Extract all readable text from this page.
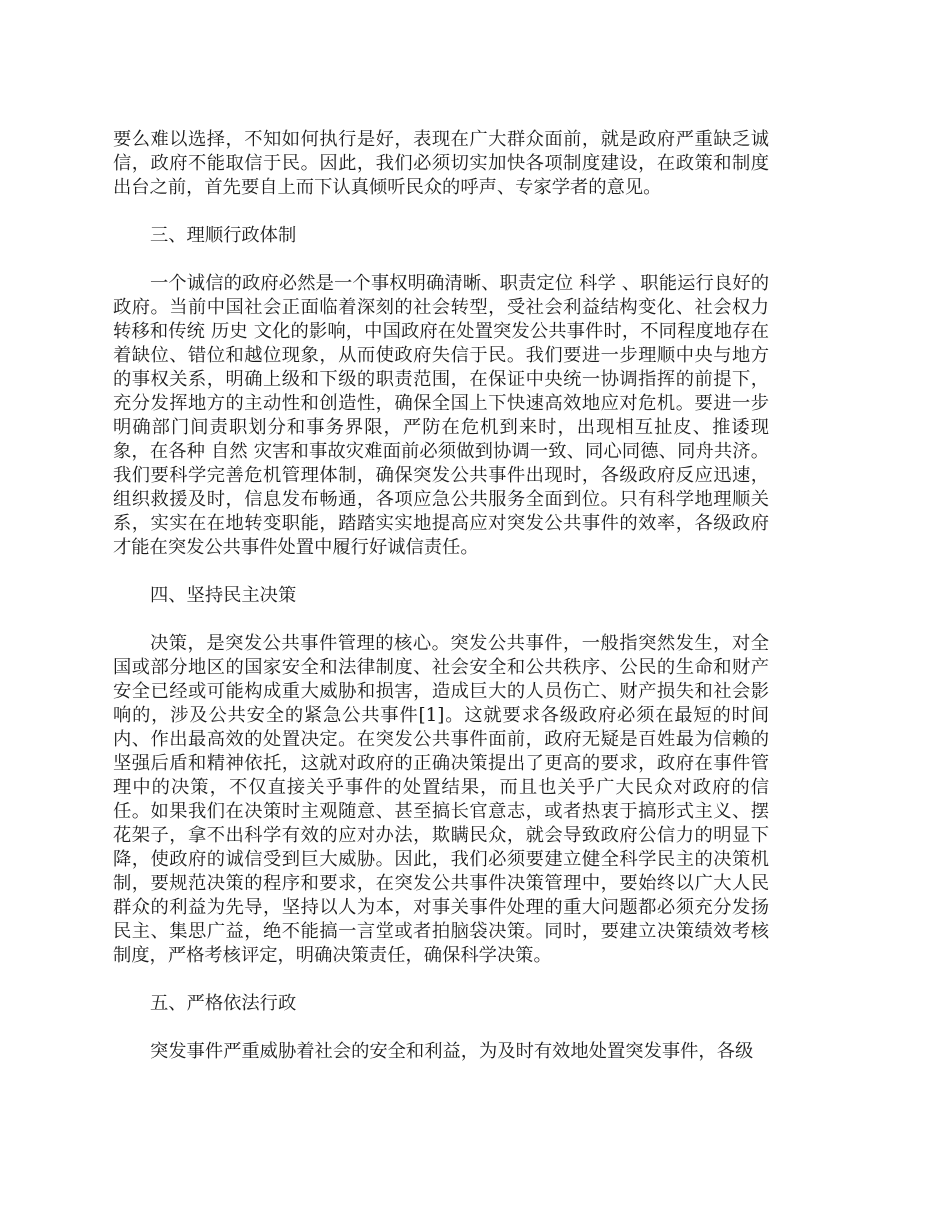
要么难以选择，不知如何执行是好，表现在广大群众面前，就是政府严重缺乏诚信，政府不能取信于民。因此，我们必须切实加快各项制度建设，在政策和制度出台之前，首先要自上而下认真倾听民众的呼声、专家学者的意见。

三、理顺行政体制

一个诚信的政府必然是一个事权明确清晰、职责定位 科学 、职能运行良好的政府。当前中国社会正面临着深刻的社会转型，受社会利益结构变化、社会权力转移和传统 历史 文化的影响，中国政府在处置突发公共事件时，不同程度地存在着缺位、错位和越位现象，从而使政府失信于民。我们要进一步理顺中央与地方的事权关系，明确上级和下级的职责范围，在保证中央统一协调指挥的前提下，充分发挥地方的主动性和创造性，确保全国上下快速高效地应对危机。要进一步明确部门间责职划分和事务界限，严防在危机到来时，出现相互扯皮、推诿现象，在各种 自然 灾害和事故灾难面前必须做到协调一致、同心同德、同舟共济。我们要科学完善危机管理体制，确保突发公共事件出现时，各级政府反应迅速，组织救援及时，信息发布畅通，各项应急公共服务全面到位。只有科学地理顺关系，实实在在地转变职能，踏踏实实地提高应对突发公共事件的效率，各级政府才能在突发公共事件处置中履行好诚信责任。

四、坚持民主决策

决策，是突发公共事件管理的核心。突发公共事件，一般指突然发生，对全国或部分地区的国家安全和法律制度、社会安全和公共秩序、公民的生命和财产安全已经或可能构成重大威胁和损害，造成巨大的人员伤亡、财产损失和社会影响的，涉及公共安全的紧急公共事件[1]。这就要求各级政府必须在最短的时间内、作出最高效的处置决定。在突发公共事件面前，政府无疑是百姓最为信赖的坚强后盾和精神依托，这就对政府的正确决策提出了更高的要求，政府在事件管理中的决策，不仅直接关乎事件的处置结果，而且也关乎广大民众对政府的信任。如果我们在决策时主观随意、甚至搞长官意志，或者热衷于搞形式主义、摆花架子，拿不出科学有效的应对办法，欺瞒民众，就会导致政府公信力的明显下降，使政府的诚信受到巨大威胁。因此，我们必须要建立健全科学民主的决策机制，要规范决策的程序和要求，在突发公共事件决策管理中，要始终以广大人民群众的利益为先导，坚持以人为本，对事关事件处理的重大问题都必须充分发扬民主、集思广益，绝不能搞一言堂或者拍脑袋决策。同时，要建立决策绩效考核制度，严格考核评定，明确决策责任，确保科学决策。

五、严格依法行政

突发事件严重威胁着社会的安全和利益，为及时有效地处置突发事件，各级
